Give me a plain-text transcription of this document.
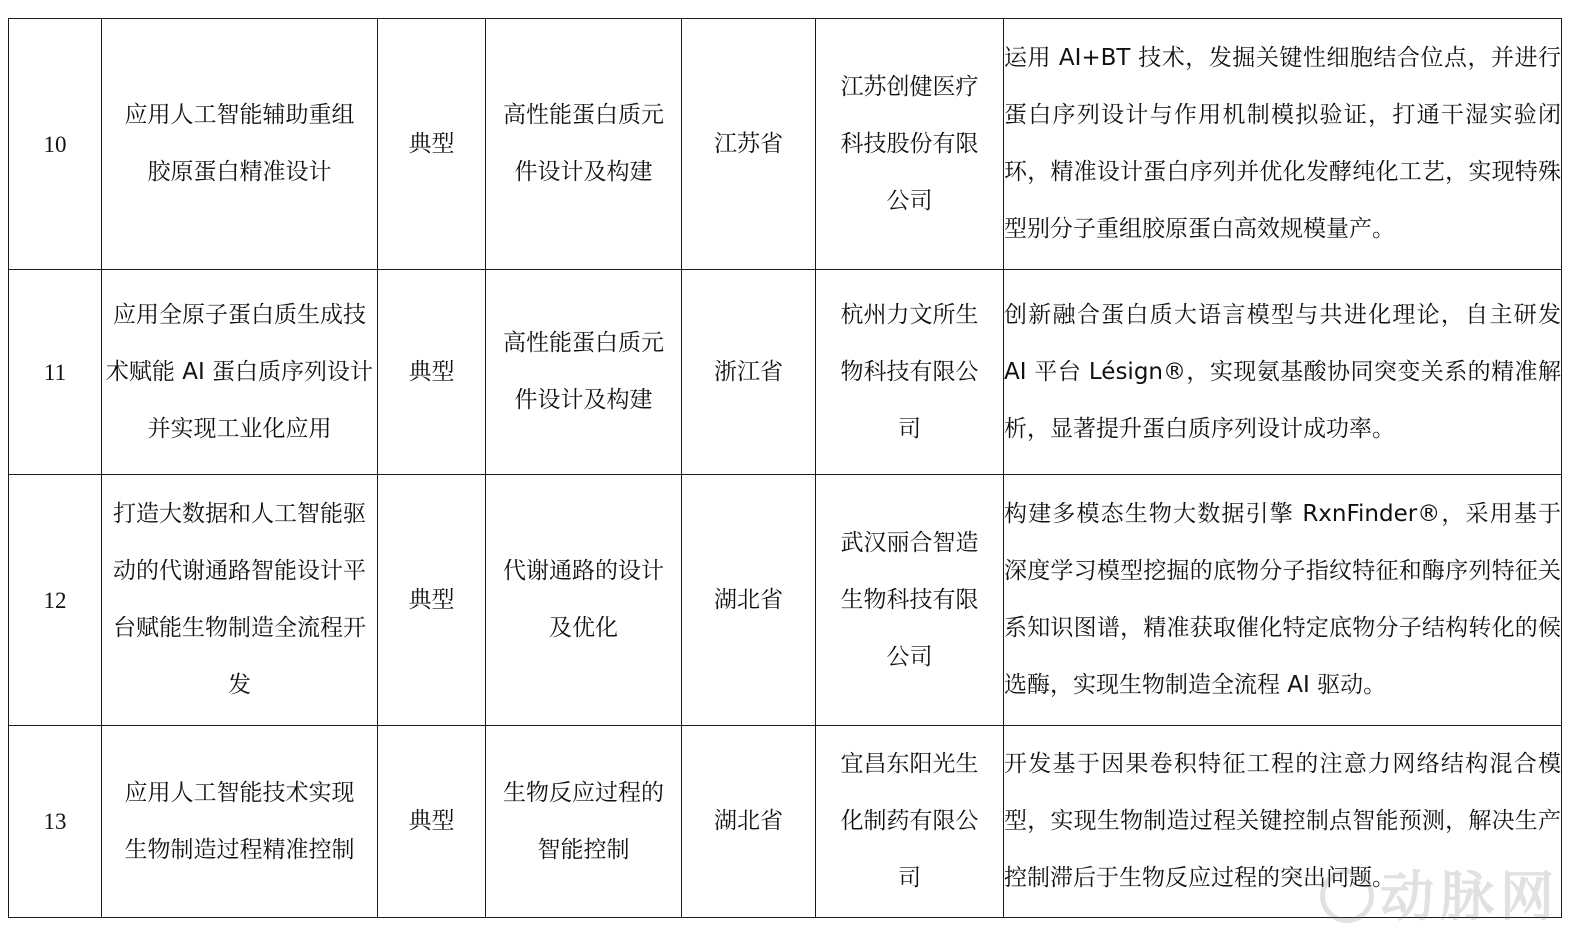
10	应用人工智能辅助重组胶原蛋白精准设计	典型	高性能蛋白质元件设计及构建	江苏省	江苏创健医疗科技股份有限公司	运用 AI+BT 技术，发掘关键性细胞结合位点，并进行蛋白序列设计与作用机制模拟验证，打通干湿实验闭环，精准设计蛋白序列并优化发酵纯化工艺，实现特殊型别分子重组胶原蛋白高效规模量产。
11	应用全原子蛋白质生成技术赋能 AI 蛋白质序列设计并实现工业化应用	典型	高性能蛋白质元件设计及构建	浙江省	杭州力文所生物科技有限公司	创新融合蛋白质大语言模型与共进化理论，自主研发 AI 平台 Lésign®，实现氨基酸协同突变关系的精准解析，显著提升蛋白质序列设计成功率。
12	打造大数据和人工智能驱动的代谢通路智能设计平台赋能生物制造全流程开发	典型	代谢通路的设计及优化	湖北省	武汉丽合智造生物科技有限公司	构建多模态生物大数据引擎 RxnFinder®，采用基于深度学习模型挖掘的底物分子指纹特征和酶序列特征关系知识图谱，精准获取催化特定底物分子结构转化的候选酶，实现生物制造全流程 AI 驱动。
13	应用人工智能技术实现生物制造过程精准控制	典型	生物反应过程的智能控制	湖北省	宜昌东阳光生化制药有限公司	开发基于因果卷积特征工程的注意力网络结构混合模型，实现生物制造过程关键控制点智能预测，解决生产控制滞后于生物反应过程的突出问题。
动脉网
